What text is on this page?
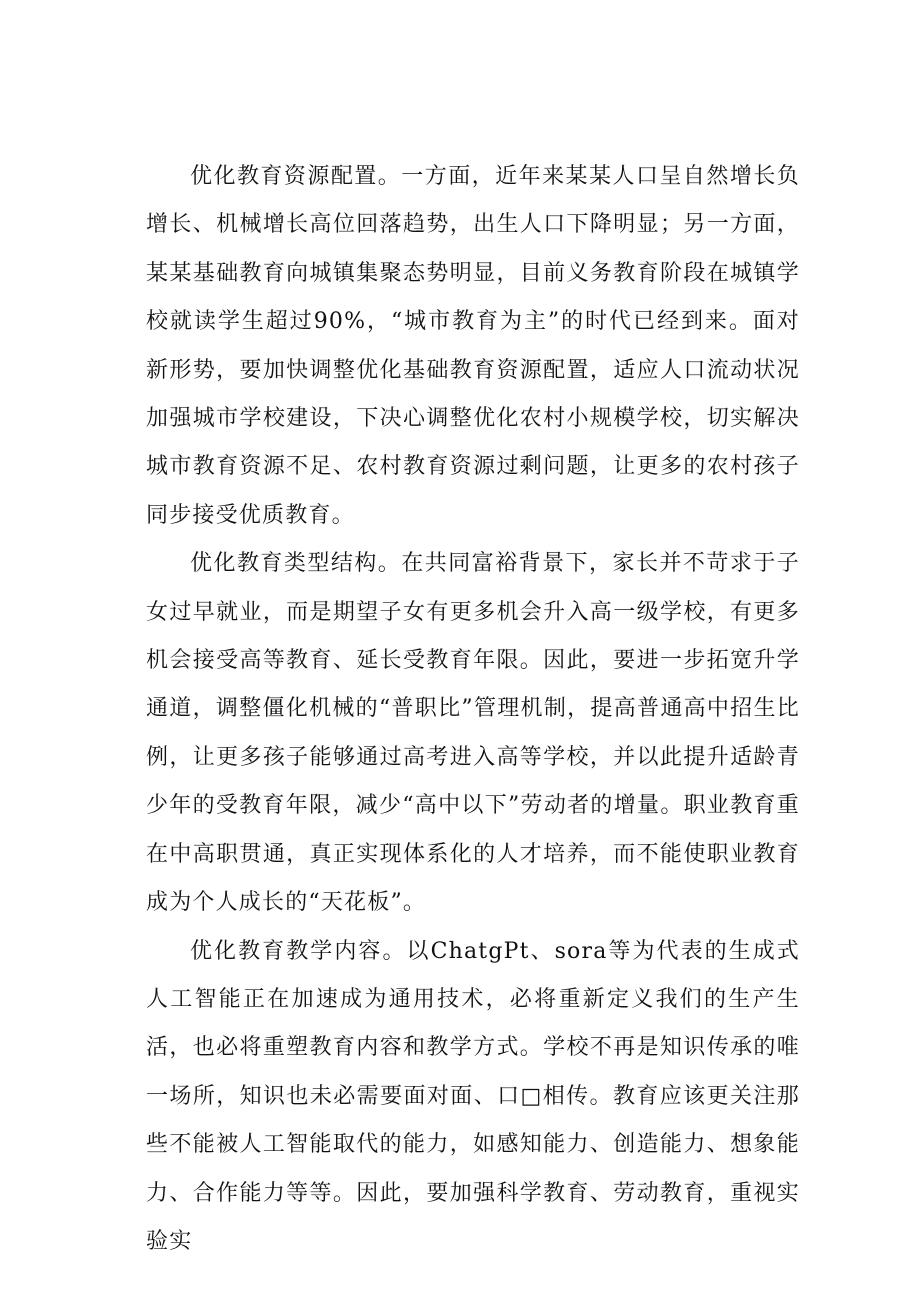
优化教育资源配置。一方面，近年来某某人口呈自然增长负增长、机械增长高位回落趋势，出生人口下降明显；另一方面，某某基础教育向城镇集聚态势明显，目前义务教育阶段在城镇学校就读学生超过90%，“城市教育为主”的时代已经到来。面对新形势，要加快调整优化基础教育资源配置，适应人口流动状况加强城市学校建设，下决心调整优化农村小规模学校，切实解决城市教育资源不足、农村教育资源过剩问题，让更多的农村孩子同步接受优质教育。

优化教育类型结构。在共同富裕背景下，家长并不苛求于子女过早就业，而是期望子女有更多机会升入高一级学校，有更多机会接受高等教育、延长受教育年限。因此，要进一步拓宽升学通道，调整僵化机械的“普职比”管理机制，提高普通高中招生比例，让更多孩子能够通过高考进入高等学校，并以此提升适龄青少年的受教育年限，减少“高中以下”劳动者的增量。职业教育重在中高职贯通，真正实现体系化的人才培养，而不能使职业教育成为个人成长的“天花板”。

优化教育教学内容。以ChatgPt、sora等为代表的生成式人工智能正在加速成为通用技术，必将重新定义我们的生产生活，也必将重塑教育内容和教学方式。学校不再是知识传承的唯一场所，知识也未必需要面对面、口□相传。教育应该更关注那些不能被人工智能取代的能力，如感知能力、创造能力、想象能力、合作能力等等。因此，要加强科学教育、劳动教育，重视实验实
